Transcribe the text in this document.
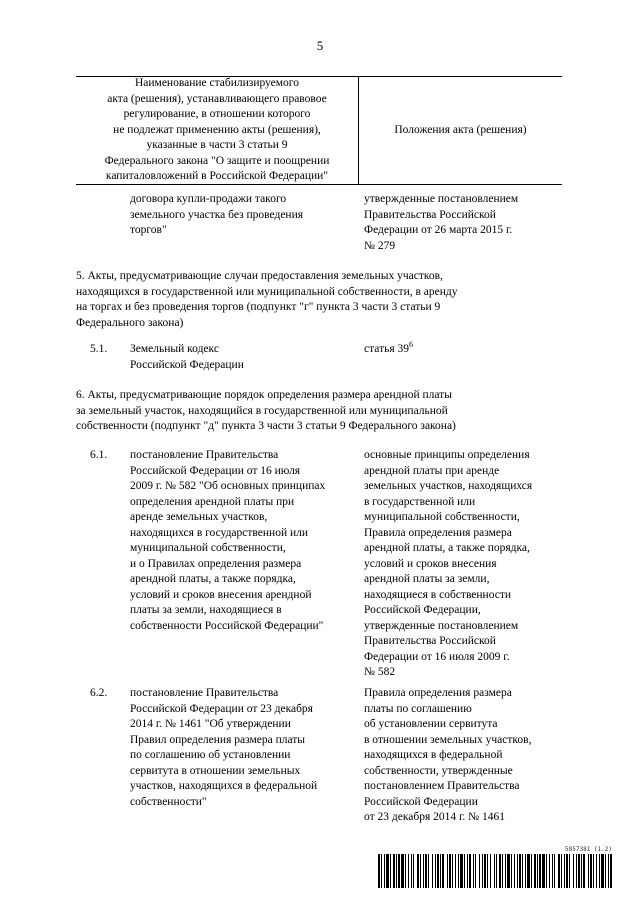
5
Наименование стабилизируемого
акта (решения), устанавливающего правовое
регулирование, в отношении которого
не подлежат применению акты (решения),
указанные в части 3 статьи 9
Федерального закона "О защите и поощрении
капиталовложений в Российской Федерации"
Положения акта (решения)
договора купли-продажи такого
земельного участка без проведения
торгов"
утвержденные постановлением
Правительства Российской
Федерации от 26 марта 2015 г.
№ 279
5. Акты, предусматривающие случаи предоставления земельных участков,
находящихся в государственной или муниципальной собственности, в аренду
на торгах и без проведения торгов (подпункт "г" пункта 3 части 3 статьи 9
Федерального закона)
5.1. Земельный кодекс
Российской Федерации
статья $39^6$
6. Акты, предусматривающие порядок определения размера арендной платы
за земельный участок, находящийся в государственной или муниципальной
собственности (подпункт "д" пункта 3 части 3 статьи 9 Федерального закона)
6.1. постановление Правительства
Российской Федерации от 16 июля
2009 г. № 582 "Об основных принципах
определения арендной платы при
аренде земельных участков,
находящихся в государственной или
муниципальной собственности,
и о Правилах определения размера
арендной платы, а также порядка,
условий и сроков внесения арендной
платы за земли, находящиеся в
собственности Российской Федерации"
основные принципы определения
арендной платы при аренде
земельных участков, находящихся
в государственной или
муниципальной собственности,
Правила определения размера
арендной платы, а также порядка,
условий и сроков внесения
арендной платы за земли,
находящиеся в собственности
Российской Федерации,
утвержденные постановлением
Правительства Российской
Федерации от 16 июля 2009 г.
№ 582
6.2. постановление Правительства
Российской Федерации от 23 декабря
2014 г. № 1461 "Об утверждении
Правил определения размера платы
по соглашению об установлении
сервитута в отношении земельных
участков, находящихся в федеральной
собственности"
Правила определения размера
платы по соглашению
об установлении сервитута
в отношении земельных участков,
находящихся в федеральной
собственности, утвержденные
постановлением Правительства
Российской Федерации
от 23 декабря 2014 г. № 1461
5857381 (1.2)
